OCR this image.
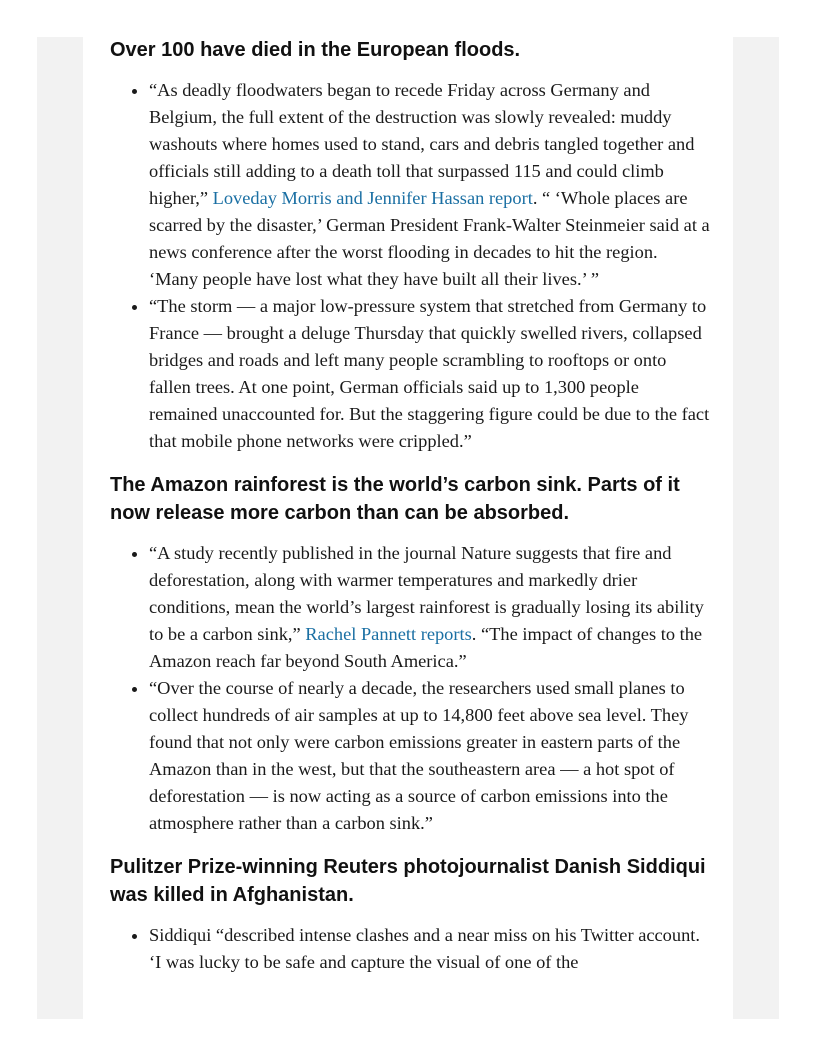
Over 100 have died in the European floods.
• “As deadly floodwaters began to recede Friday across Germany and Belgium, the full extent of the destruction was slowly revealed: muddy washouts where homes used to stand, cars and debris tangled together and officials still adding to a death toll that surpassed 115 and could climb higher,” Loveday Morris and Jennifer Hassan report. “ ‘Whole places are scarred by the disaster,’ German President Frank-Walter Steinmeier said at a news conference after the worst flooding in decades to hit the region. ‘Many people have lost what they have built all their lives.’ ”
• “The storm — a major low-pressure system that stretched from Germany to France — brought a deluge Thursday that quickly swelled rivers, collapsed bridges and roads and left many people scrambling to rooftops or onto fallen trees. At one point, German officials said up to 1,300 people remained unaccounted for. But the staggering figure could be due to the fact that mobile phone networks were crippled.”
The Amazon rainforest is the world’s carbon sink. Parts of it now release more carbon than can be absorbed.
• “A study recently published in the journal Nature suggests that fire and deforestation, along with warmer temperatures and markedly drier conditions, mean the world’s largest rainforest is gradually losing its ability to be a carbon sink,” Rachel Pannett reports. “The impact of changes to the Amazon reach far beyond South America.”
• “Over the course of nearly a decade, the researchers used small planes to collect hundreds of air samples at up to 14,800 feet above sea level. They found that not only were carbon emissions greater in eastern parts of the Amazon than in the west, but that the southeastern area — a hot spot of deforestation — is now acting as a source of carbon emissions into the atmosphere rather than a carbon sink.”
Pulitzer Prize-winning Reuters photojournalist Danish Siddiqui was killed in Afghanistan.
• Siddiqui “described intense clashes and a near miss on his Twitter account. ‘I was lucky to be safe and capture the visual of one of the
